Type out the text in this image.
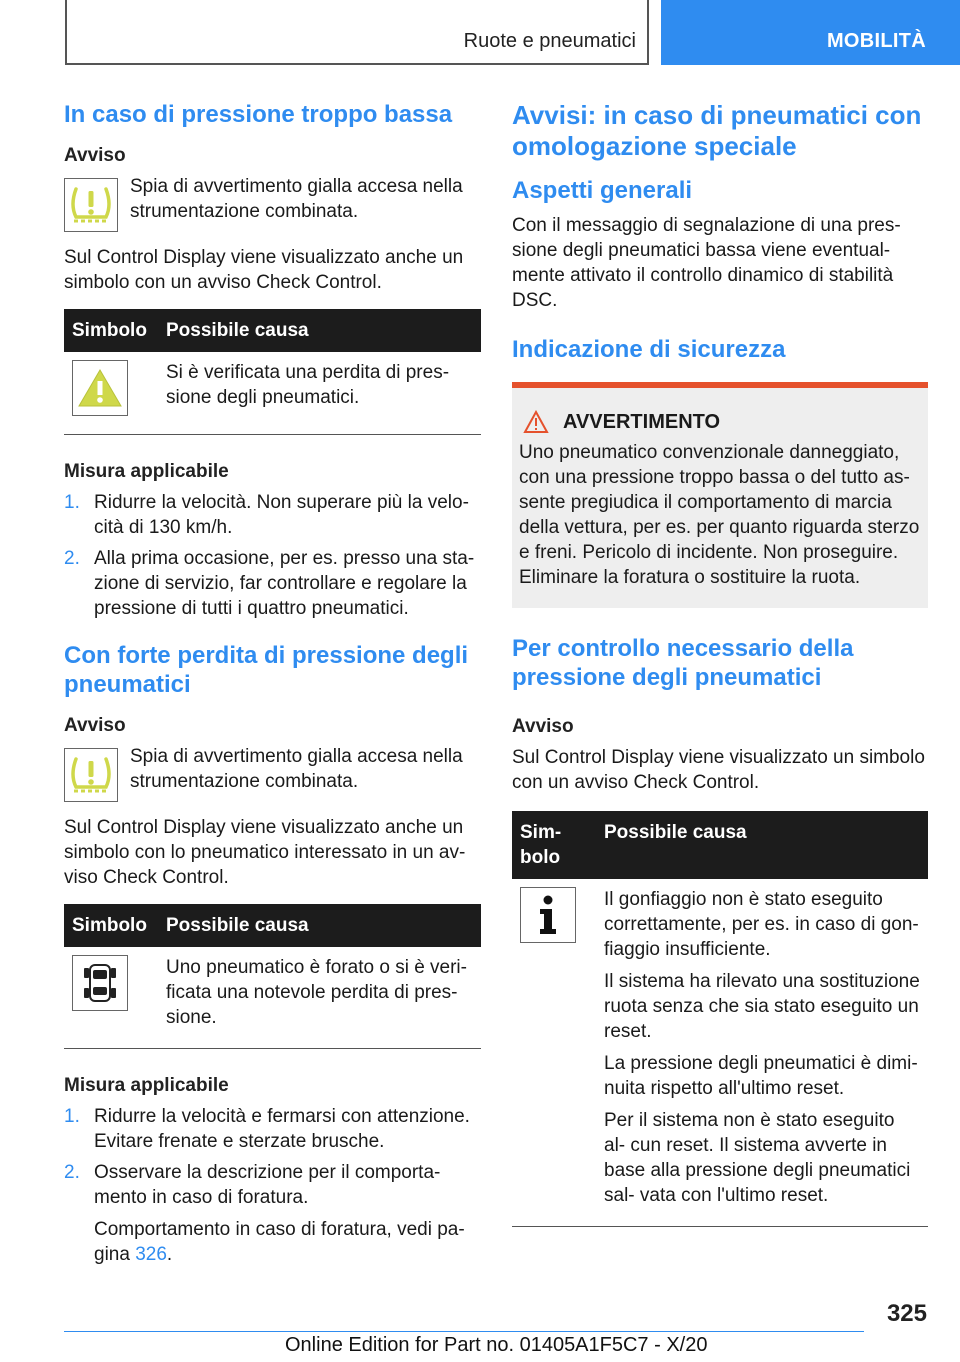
Ruote e pneumatici	MOBILITÀ
In caso di pressione troppo bassa
Avviso

Spia di avvertimento gialla accesa nella strumentazione combinata.

Sul Control Display viene visualizzato anche un simbolo con un avviso Check Control.

Simbolo	Possibile causa

Si è verificata una perdita di pres- sione degli pneumatici.

Misura applicabile
1. Ridurre la velocità. Non superare più la velo- cità di 130 km/h.
2. Alla prima occasione, per es. presso una sta- zione di servizio, far controllare e regolare la pressione di tutti i quattro pneumatici.
Con forte perdita di pressione degli pneumatici
Avviso

Spia di avvertimento gialla accesa nella strumentazione combinata.

Sul Control Display viene visualizzato anche un simbolo con lo pneumatico interessato in un av- viso Check Control.

Simbolo	Possibile causa

Uno pneumatico è forato o si è veri- ficata una notevole perdita di pres- sione.

Misura applicabile
1. Ridurre la velocità e fermarsi con attenzione. Evitare frenate e sterzate brusche.
2. Osservare la descrizione per il comporta- mento in caso di foratura.
Comportamento in caso di foratura, vedi pa- gina 326.
Avvisi: in caso di pneumatici con omologazione speciale
Aspetti generali

Con il messaggio di segnalazione di una pres- sione degli pneumatici bassa viene eventual- mente attivato il controllo dinamico di stabilità DSC.

Indicazione di sicurezza
AVVERTIMENTO

Uno pneumatico convenzionale danneggiato, con una pressione troppo bassa o del tutto as- sente pregiudica il comportamento di marcia della vettura, per es. per quanto riguarda sterzo e freni. Pericolo di incidente. Non proseguire. Eliminare la foratura o sostituire la ruota.

Per controllo necessario della pressione degli pneumatici
Avviso

Sul Control Display viene visualizzato un simbolo con un avviso Check Control.

Sim- bolo	Possibile causa

Il gonfiaggio non è stato eseguito correttamente, per es. in caso di gon- fiaggio insufficiente.

Il sistema ha rilevato una sostituzione ruota senza che sia stato eseguito un reset.

La pressione degli pneumatici è dimi- nuita rispetto all'ultimo reset.

Per il sistema non è stato eseguito al- cun reset. Il sistema avverte in base alla pressione degli pneumatici sal- vata con l'ultimo reset.

325
Online Edition for Part no. 01405A1F5C7 - X/20
